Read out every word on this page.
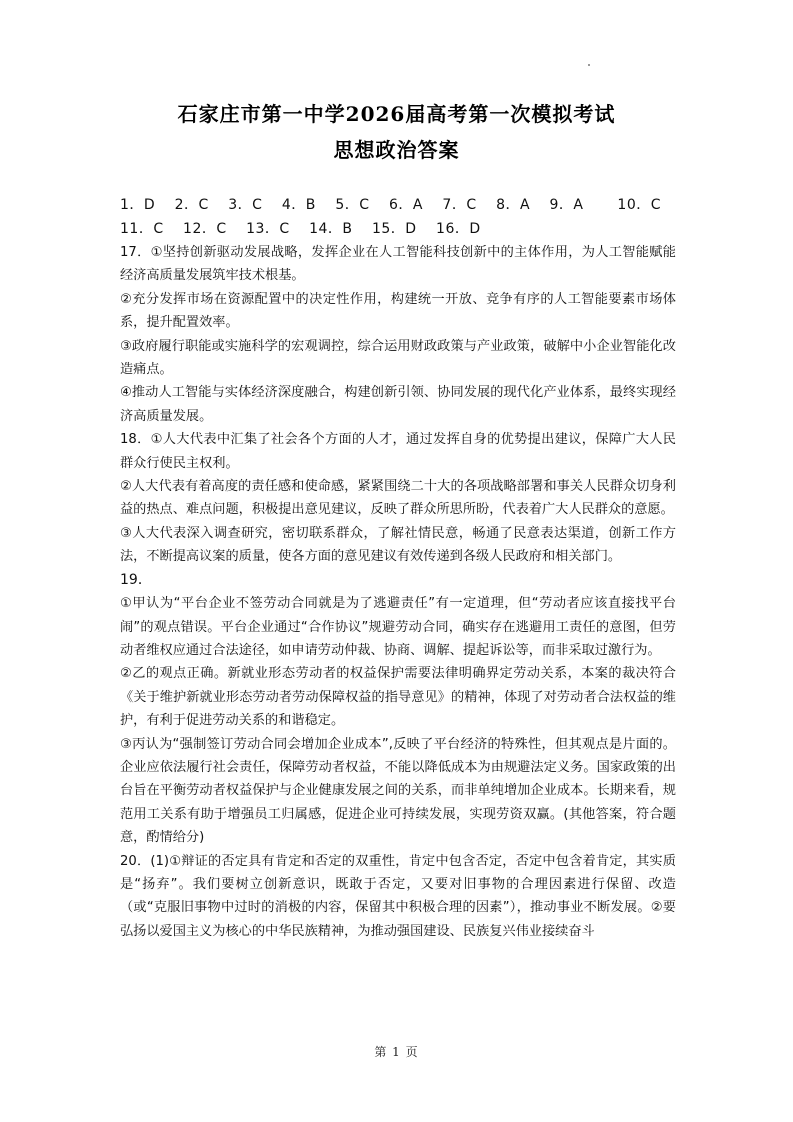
石家庄市第一中学2026届高考第一次模拟考试
思想政治答案

1．D　 2．C　 3．C　 4．B　 5．C　 6．A　 7．C　 8．A　 9．A　　 10．C

11．C　 12．C　 13．C　 14．B　 15．D　 16．D

17．①坚持创新驱动发展战略，发挥企业在人工智能科技创新中的主体作用，为人工智能赋能经济高质量发展筑牢技术根基。

②充分发挥市场在资源配置中的决定性作用，构建统一开放、竞争有序的人工智能要素市场体系，提升配置效率。

③政府履行职能或实施科学的宏观调控，综合运用财政政策与产业政策，破解中小企业智能化改造痛点。

④推动人工智能与实体经济深度融合，构建创新引领、协同发展的现代化产业体系，最终实现经济高质量发展。

18．①人大代表中汇集了社会各个方面的人才，通过发挥自身的优势提出建议，保障广大人民群众行使民主权利。

②人大代表有着高度的责任感和使命感，紧紧围绕二十大的各项战略部署和事关人民群众切身利益的热点、难点问题，积极提出意见建议，反映了群众所思所盼，代表着广大人民群众的意愿。

③人大代表深入调查研究，密切联系群众，了解社情民意，畅通了民意表达渠道，创新工作方法，不断提高议案的质量，使各方面的意见建议有效传递到各级人民政府和相关部门。

19．

①甲认为“平台企业不签劳动合同就是为了逃避责任”有一定道理，但“劳动者应该直接找平台闹”的观点错误。平台企业通过“合作协议”规避劳动合同，确实存在逃避用工责任的意图，但劳动者维权应通过合法途径，如申请劳动仲裁、协商、调解、提起诉讼等，而非采取过激行为。

②乙的观点正确。新就业形态劳动者的权益保护需要法律明确界定劳动关系，本案的裁决符合《关于维护新就业形态劳动者劳动保障权益的指导意见》的精神，体现了对劳动者合法权益的维护，有利于促进劳动关系的和谐稳定。

③丙认为“强制签订劳动合同会增加企业成本”,反映了平台经济的特殊性，但其观点是片面的。企业应依法履行社会责任，保障劳动者权益，不能以降低成本为由规避法定义务。国家政策的出台旨在平衡劳动者权益保护与企业健康发展之间的关系，而非单纯增加企业成本。长期来看，规范用工关系有助于增强员工归属感，促进企业可持续发展，实现劳资双赢。(其他答案，符合题意，酌情给分)

20．(1)①辩证的否定具有肯定和否定的双重性，肯定中包含否定，否定中包含着肯定，其实质是“扬弃”。我们要树立创新意识，既敢于否定，又要对旧事物的合理因素进行保留、改造（或“克服旧事物中过时的消极的内容，保留其中积极合理的因素”），推动事业不断发展。②要弘扬以爱国主义为核心的中华民族精神，为推动强国建设、民族复兴伟业接续奋斗

第 1 页
